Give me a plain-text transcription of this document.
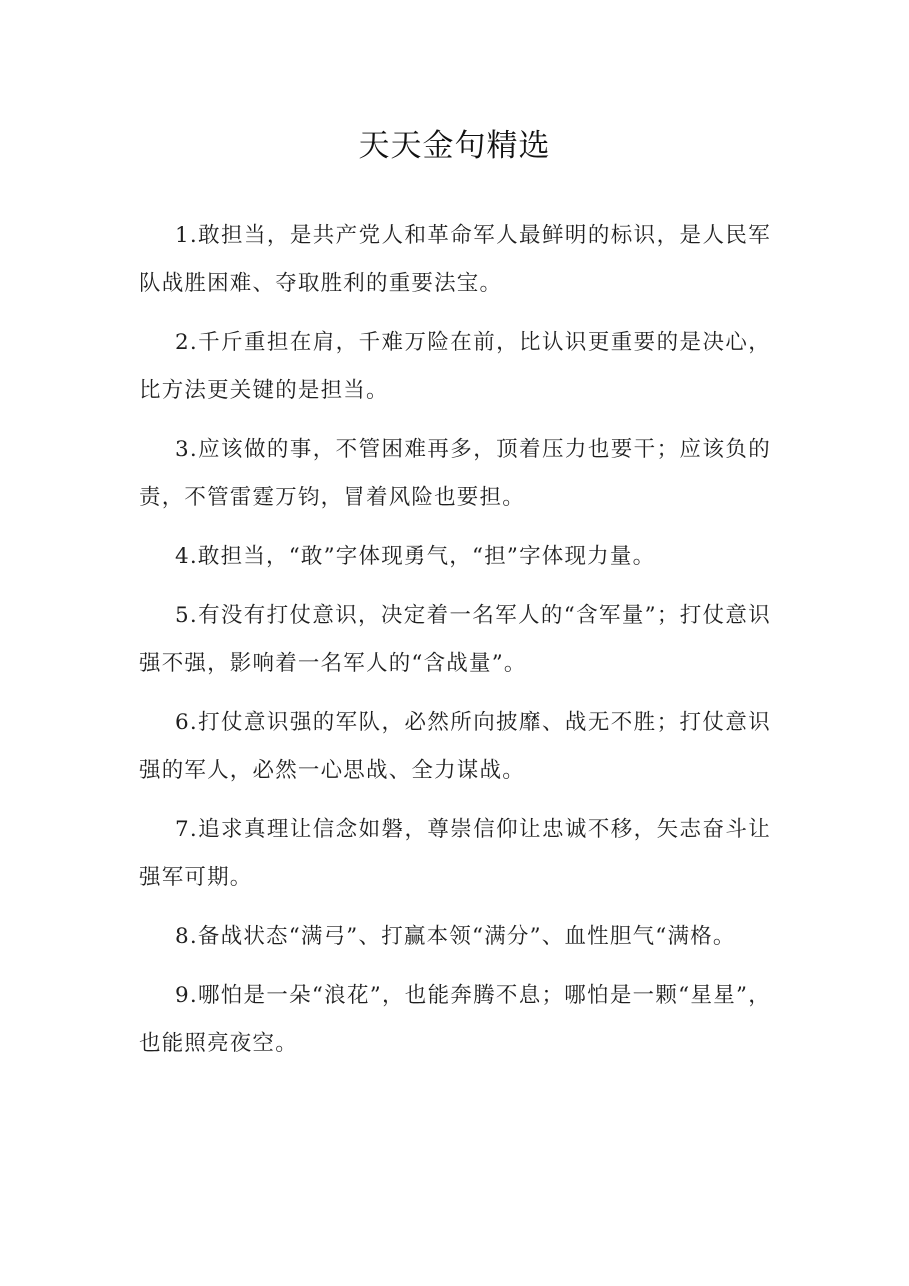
天天金句精选

1.敢担当，是共产党人和革命军人最鲜明的标识，是人民军队战胜困难、夺取胜利的重要法宝。

2.千斤重担在肩，千难万险在前，比认识更重要的是决心，比方法更关键的是担当。

3.应该做的事，不管困难再多，顶着压力也要干；应该负的责，不管雷霆万钧，冒着风险也要担。

4.敢担当，“敢”字体现勇气，“担”字体现力量。

5.有没有打仗意识，决定着一名军人的“含军量”；打仗意识强不强，影响着一名军人的“含战量”。

6.打仗意识强的军队，必然所向披靡、战无不胜；打仗意识强的军人，必然一心思战、全力谋战。

7.追求真理让信念如磐，尊崇信仰让忠诚不移，矢志奋斗让强军可期。

8.备战状态“满弓”、打赢本领“满分”、血性胆气“满格。

9.哪怕是一朵“浪花”，也能奔腾不息；哪怕是一颗“星星”，也能照亮夜空。
